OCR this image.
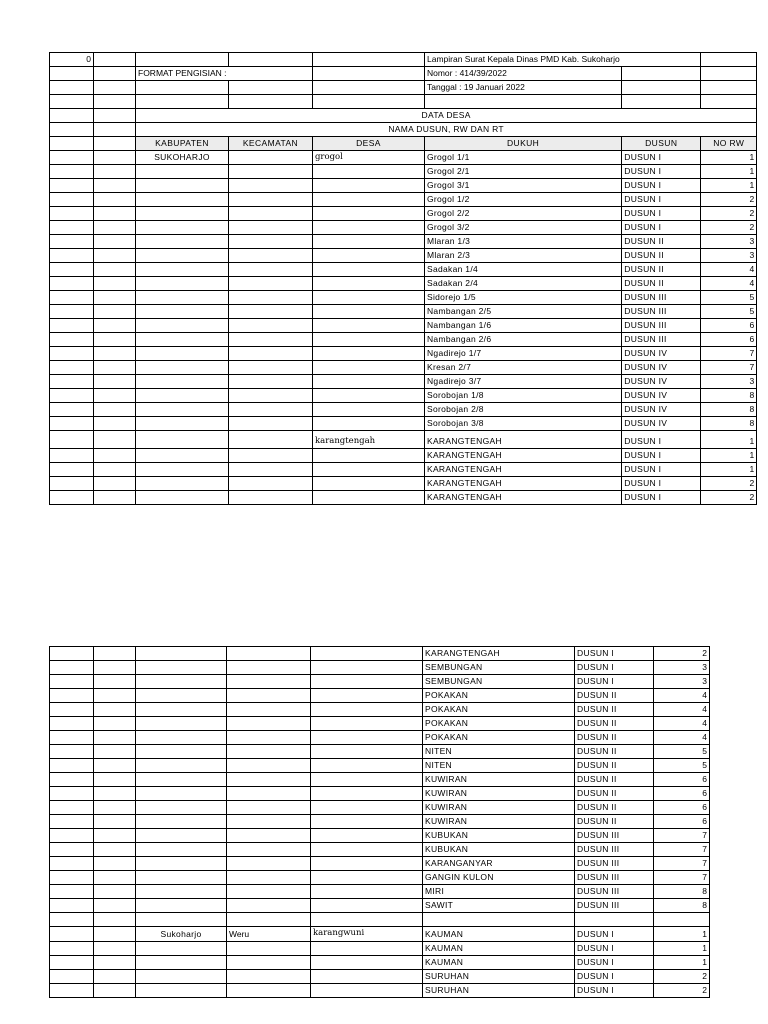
0					Lampiran Surat Kepala Dinas PMD Kab. Sukoharjo		
		FORMAT PENGISIAN :			Nomor : 414/39/2022		
					Tanggal : 19 Januari 2022		

		DATA DESA					
		NAMA DUSUN, RW DAN RT					
		KABUPATEN	KECAMATAN	DESA	DUKUH	DUSUN	NO RW
		SUKOHARJO		grogol	Grogol 1/1	DUSUN I	1
					Grogol 2/1	DUSUN I	1
					Grogol 3/1	DUSUN I	1
					Grogol 1/2	DUSUN I	2
					Grogol 2/2	DUSUN I	2
					Grogol 3/2	DUSUN I	2
					Mlaran 1/3	DUSUN II	3
					Mlaran 2/3	DUSUN II	3
					Sadakan 1/4	DUSUN II	4
					Sadakan 2/4	DUSUN II	4
					Sidorejo 1/5	DUSUN III	5
					Nambangan 2/5	DUSUN III	5
					Nambangan 1/6	DUSUN III	6
					Nambangan 2/6	DUSUN III	6
					Ngadirejo 1/7	DUSUN IV	7
					Kresan 2/7	DUSUN IV	7
					Ngadirejo 3/7	DUSUN IV	3
					Sorobojan 1/8	DUSUN IV	8
					Sorobojan 2/8	DUSUN IV	8
					Sorobojan 3/8	DUSUN IV	8
				karangtengah	KARANGTENGAH	DUSUN I	1
					KARANGTENGAH	DUSUN I	1
					KARANGTENGAH	DUSUN I	1
					KARANGTENGAH	DUSUN I	2
					KARANGTENGAH	DUSUN I	2
					KARANGTENGAH	DUSUN I	2
					SEMBUNGAN	DUSUN I	3
					SEMBUNGAN	DUSUN I	3
					POKAKAN	DUSUN II	4
					POKAKAN	DUSUN II	4
					POKAKAN	DUSUN II	4
					POKAKAN	DUSUN II	4
					NITEN	DUSUN II	5
					NITEN	DUSUN II	5
					KUWIRAN	DUSUN II	6
					KUWIRAN	DUSUN II	6
					KUWIRAN	DUSUN II	6
					KUWIRAN	DUSUN II	6
					KUBUKAN	DUSUN III	7
					KUBUKAN	DUSUN III	7
					KARANGANYAR	DUSUN III	7
					GANGIN KULON	DUSUN III	7
					MIRI	DUSUN III	8
					SAWIT	DUSUN III	8

		Sukoharjo	Weru	karangwuni	KAUMAN	DUSUN I	1
					KAUMAN	DUSUN I	1
					KAUMAN	DUSUN I	1
					SURUHAN	DUSUN I	2
					SURUHAN	DUSUN I	2
